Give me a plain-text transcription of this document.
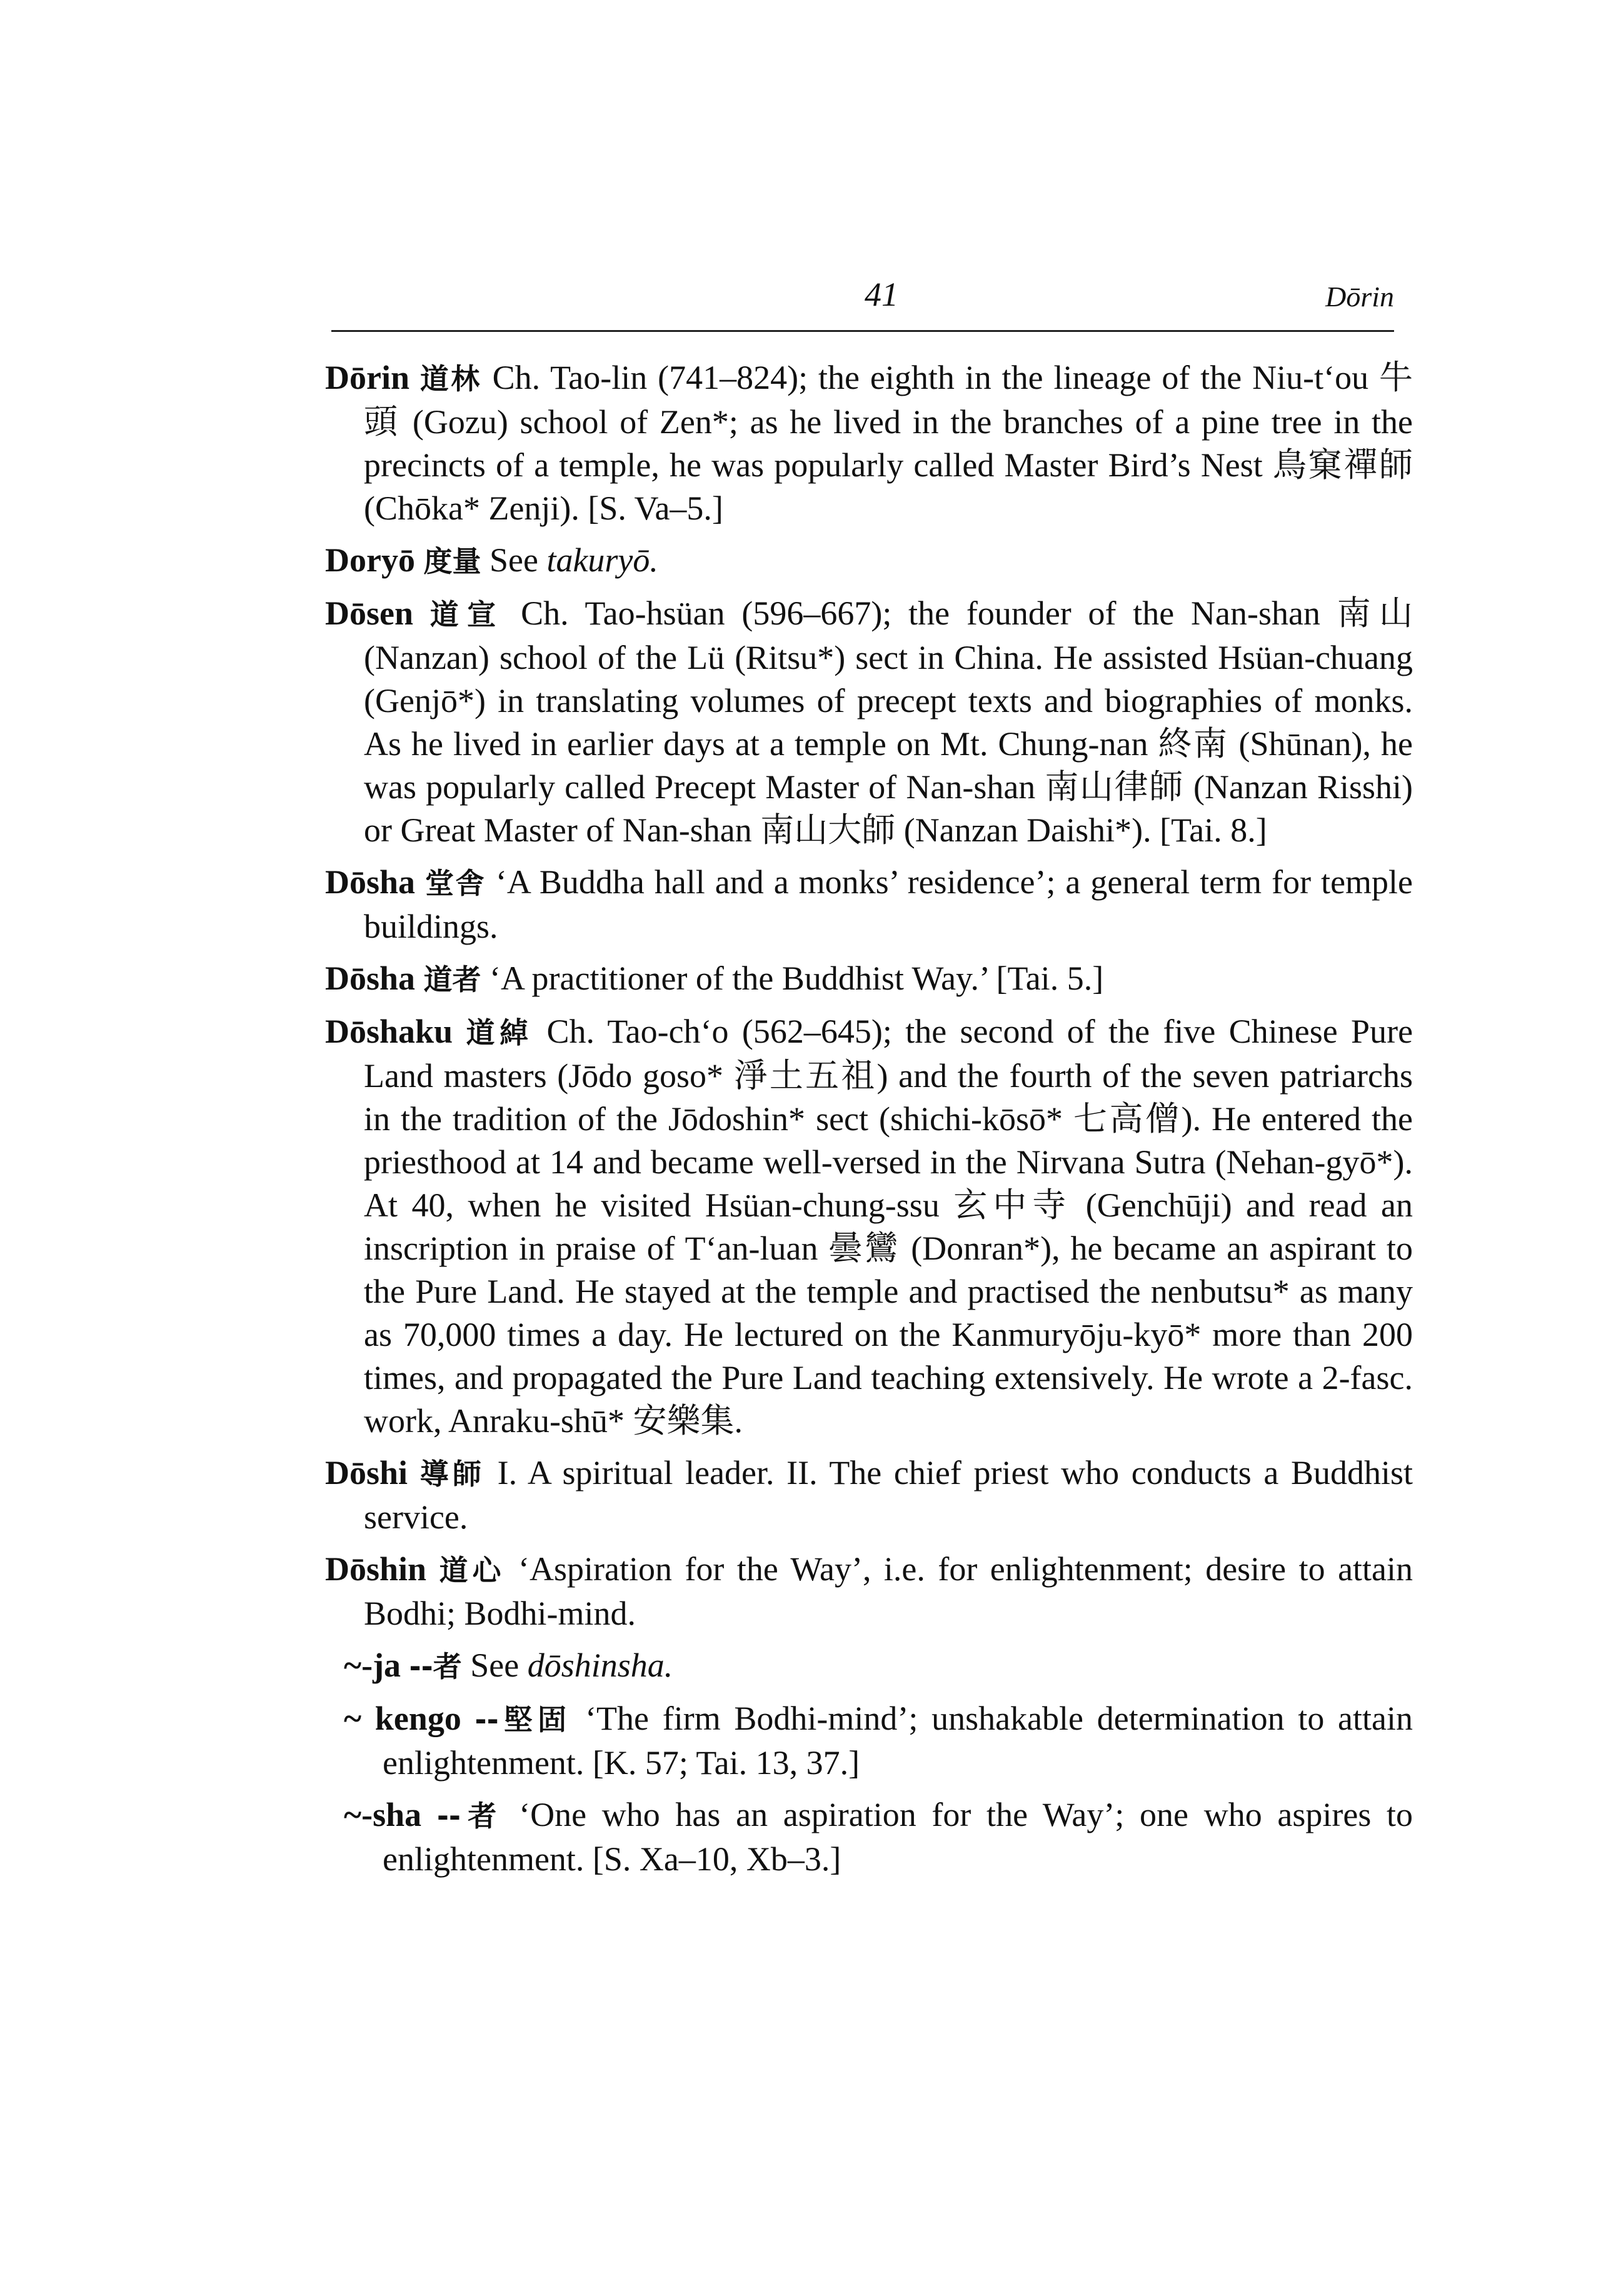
41	Dōrin

Dōrin 道林 Ch. Tao-lin (741–824); the eighth in the lineage of the Niu-t‘ou 牛頭 (Gozu) school of Zen*; as he lived in the branches of a pine tree in the precincts of a temple, he was popularly called Master Bird’s Nest 鳥窠禪師 (Chōka* Zenji). [S. Va–5.]

Doryō 度量 See takuryō.

Dōsen 道宣 Ch. Tao-hsüan (596–667); the founder of the Nan-shan 南山 (Nanzan) school of the Lü (Ritsu*) sect in China. He assisted Hsüan-chuang (Genjō*) in translating volumes of precept texts and biographies of monks. As he lived in earlier days at a temple on Mt. Chung-nan 終南 (Shūnan), he was popularly called Precept Master of Nan-shan 南山律師 (Nanzan Risshi) or Great Master of Nan-shan 南山大師 (Nanzan Daishi*). [Tai. 8.]

Dōsha 堂舎 ‘A Buddha hall and a monks’ residence’; a general term for temple buildings.

Dōsha 道者 ‘A practitioner of the Buddhist Way.’ [Tai. 5.]

Dōshaku 道綽 Ch. Tao-ch‘o (562–645); the second of the five Chinese Pure Land masters (Jōdo goso* 淨土五祖) and the fourth of the seven patriarchs in the tradition of the Jōdoshin* sect (shichi-kōsō* 七高僧). He entered the priesthood at 14 and became well-versed in the Nirvana Sutra (Nehan-gyō*). At 40, when he visited Hsüan-chung-ssu 玄中寺 (Genchūji) and read an inscription in praise of T‘an-luan 曇鸞 (Donran*), he became an aspirant to the Pure Land. He stayed at the temple and practised the nenbutsu* as many as 70,000 times a day. He lectured on the Kanmuryōju-kyō* more than 200 times, and propagated the Pure Land teaching extensively. He wrote a 2-fasc. work, Anraku-shū* 安樂集.

Dōshi 導師 I. A spiritual leader. II. The chief priest who conducts a Buddhist service.

Dōshin 道心 ‘Aspiration for the Way’, i.e. for enlightenment; desire to attain Bodhi; Bodhi-mind.

~-ja --者 See dōshinsha.

~ kengo --堅固 ‘The firm Bodhi-mind’; unshakable determination to attain enlightenment. [K. 57; Tai. 13, 37.]

~-sha --者 ‘One who has an aspiration for the Way’; one who aspires to enlightenment. [S. Xa–10, Xb–3.]
